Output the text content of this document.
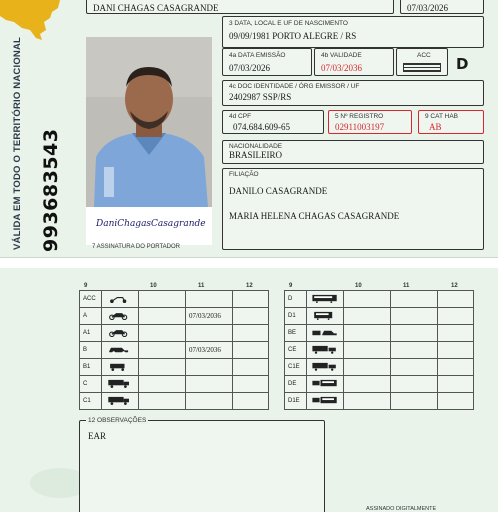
DANI CHAGAS CASAGRANDE	07/03/2026
VÁLIDA EM TODO O TERRITÓRIO NACIONAL 993683543	DaniChagasCasagrande
7 ASSINATURA DO PORTADOR
3 DATA, LOCAL E UF DE NASCIMENTO
09/09/1981 PORTO ALEGRE / RS
4a DATA EMISSÃO
07/03/2026
4b VALIDADE
07/03/2036
ACC D
4c DOC IDENTIDADE / ÓRG EMISSOR / UF
2402987 SSP/RS
4d CPF
074.684.609-65
5 Nº REGISTRO
02911003197
9 CAT HAB
AB
NACIONALIDADE
BRASILEIRO
FILIAÇÃO
DANILO CASAGRANDE
MARIA HELENA CHAGAS CASAGRANDE
9	10	11	12	9	10	11	12
ACC				
A			07/03/2036	
A1				
B			07/03/2036	
B1				
C				
C1				
D				
D1				
BE				
CE				
C1E				
DE				
D1E				
12 OBSERVAÇÕES
EAR
ASSINADO DIGITALMENTE
